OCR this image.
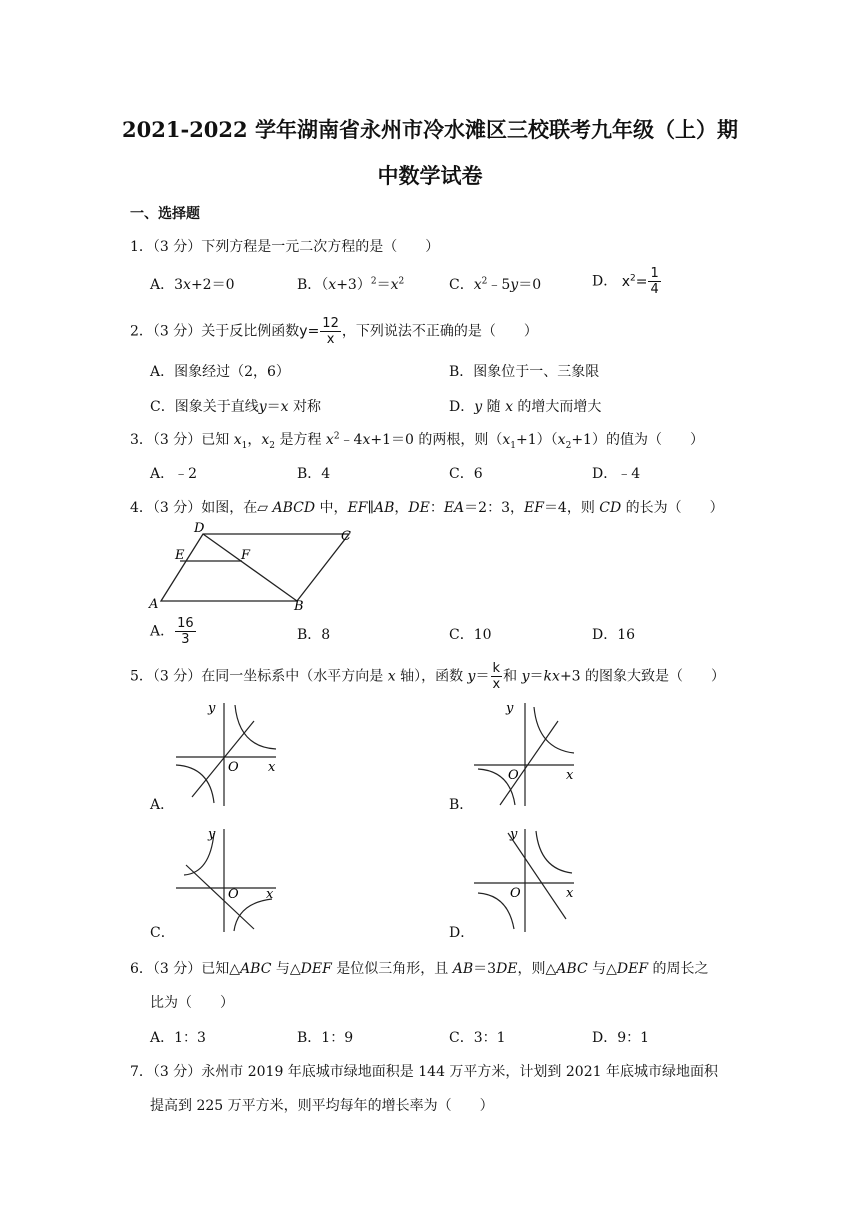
2021-2022 学年湖南省永州市冷水滩区三校联考九年级（上）期
中数学试卷
一、选择题
1．（3 分）下列方程是一元二次方程的是（　　）
A．3x+2＝0	B．$(x+3)^2=x^2$	C．$x^2﹣5y=0$	D． $x^2= \frac{1}{4}$
2．（3 分）关于反比例函数$y= \frac{12}{x}$ ，下列说法不正确的是（　　）
A．图象经过（2，6）	B．图象位于一、三象限
C．图象关于直线y＝x 对称	D．y 随 x 的增大而增大
3．（3 分）已知 $x_1$，$x_2$ 是方程 $x^2﹣4x+1=0$ 的两根，则$(x_1+1)(x_2+1)$的值为（　　）
A．﹣2	B．4	C．6	D．﹣4
4．（3 分）如图，在▱ ABCD 中，EF∥AB，DE：EA＝2：3，EF＝4，则 CD 的长为（　　）
D
C
E	F
A	B
A． $\frac{16}{3}$	B．8	C．10	D．16
5．（3 分）在同一坐标系中（水平方向是 x 轴），函数 $y= \frac{k}{x}$ 和 y＝kx+3 的图象大致是（　　）
y
O x
A．
y
O	x
B．
y
O x
C．
y
O	x
D．
6．（3 分）已知△ABC 与△DEF 是位似三角形，且 AB＝3DE，则△ABC 与△DEF 的周长之
比为（　　）
A．1：3	B．1：9	C．3：1	D．9：1
7．（3 分）永州市 2019 年底城市绿地面积是 144 万平方米，计划到 2021 年底城市绿地面积
提高到 225 万平方米，则平均每年的增长率为（　　）
